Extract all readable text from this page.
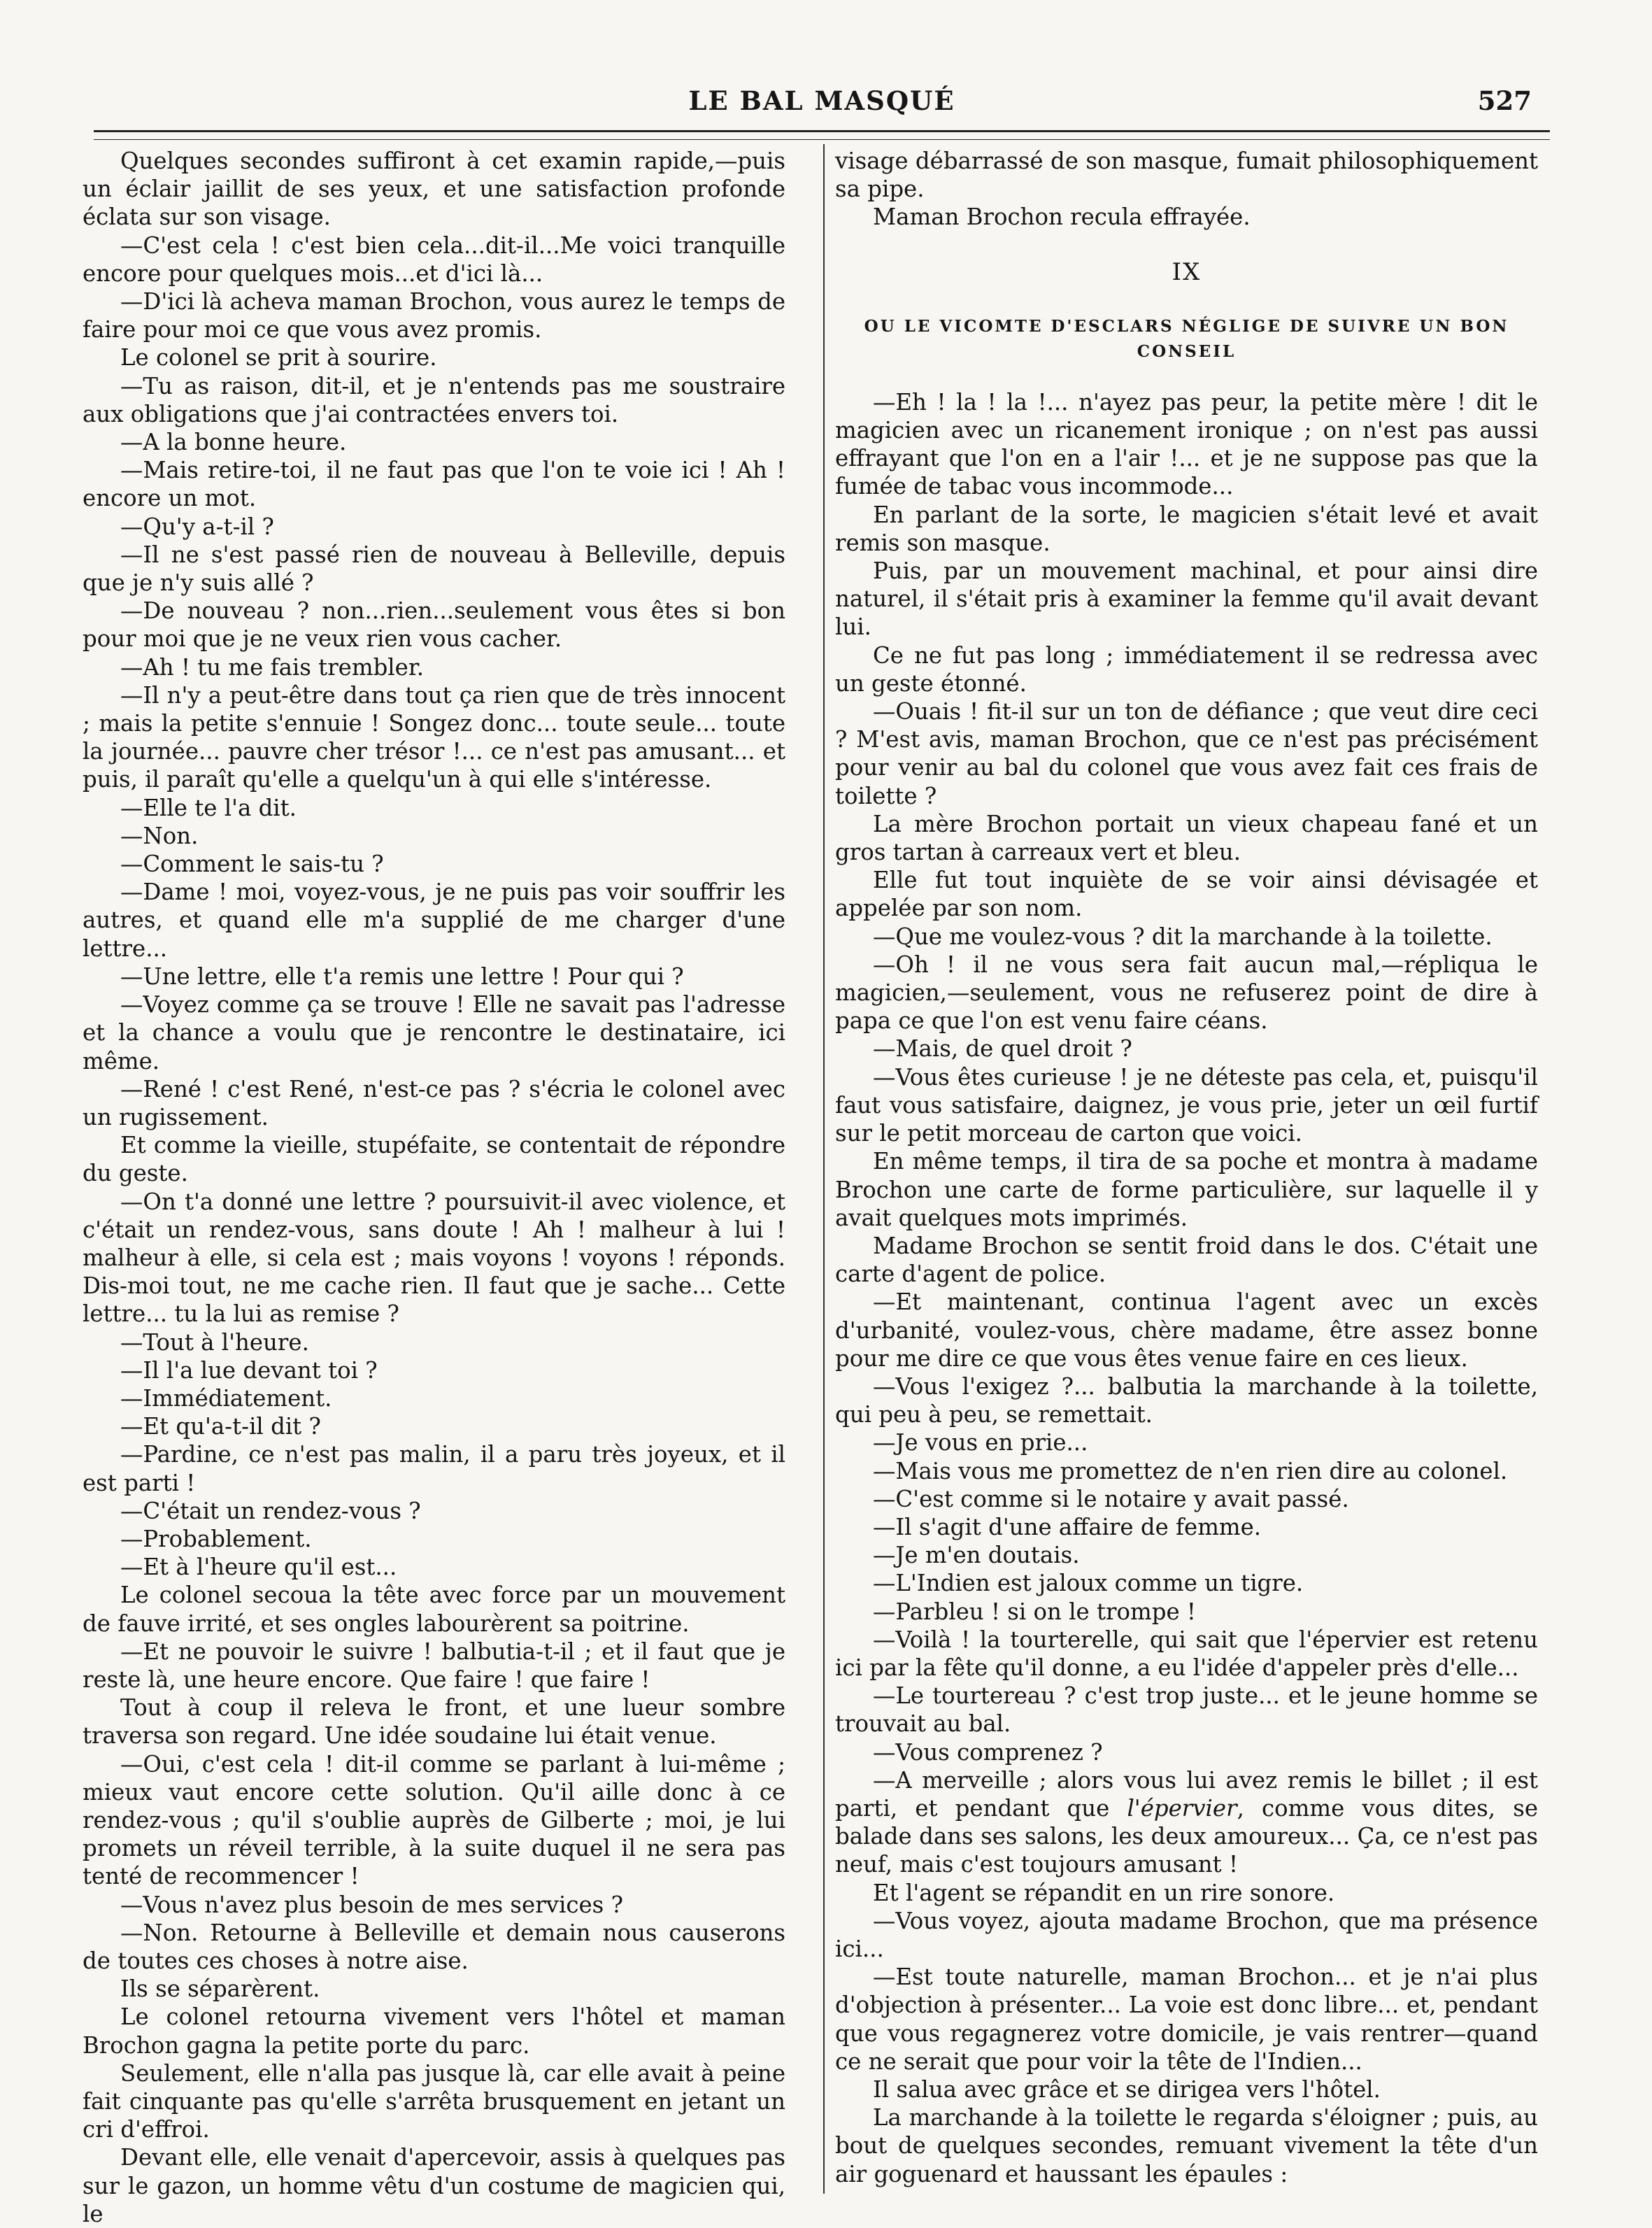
LE BAL MASQUÉ	527

Quelques secondes suffiront à cet examin rapide,—puis un éclair jaillit de ses yeux, et une satisfaction profonde éclata sur son visage.

—C'est cela ! c'est bien cela...dit-il...Me voici tranquille encore pour quelques mois...et d'ici là...

—D'ici là acheva maman Brochon, vous aurez le temps de faire pour moi ce que vous avez promis.

Le colonel se prit à sourire.

—Tu as raison, dit-il, et je n'entends pas me soustraire aux obligations que j'ai contractées envers toi.

—A la bonne heure.

—Mais retire-toi, il ne faut pas que l'on te voie ici ! Ah ! encore un mot.

—Qu'y a-t-il ?

—Il ne s'est passé rien de nouveau à Belleville, depuis que je n'y suis allé ?

—De nouveau ? non...rien...seulement vous êtes si bon pour moi que je ne veux rien vous cacher.

—Ah ! tu me fais trembler.

—Il n'y a peut-être dans tout ça rien que de très innocent ; mais la petite s'ennuie ! Songez donc... toute seule... toute la journée... pauvre cher trésor !... ce n'est pas amusant... et puis, il paraît qu'elle a quelqu'un à qui elle s'intéresse.

—Elle te l'a dit.

—Non.

—Comment le sais-tu ?

—Dame ! moi, voyez-vous, je ne puis pas voir souffrir les autres, et quand elle m'a supplié de me charger d'une lettre...

—Une lettre, elle t'a remis une lettre ! Pour qui ?

—Voyez comme ça se trouve ! Elle ne savait pas l'adresse et la chance a voulu que je rencontre le destinataire, ici même.

—René ! c'est René, n'est-ce pas ? s'écria le colonel avec un rugissement.

Et comme la vieille, stupéfaite, se contentait de répondre du geste.

—On t'a donné une lettre ? poursuivit-il avec violence, et c'était un rendez-vous, sans doute ! Ah ! malheur à lui ! malheur à elle, si cela est ; mais voyons ! voyons ! réponds. Dis-moi tout, ne me cache rien. Il faut que je sache... Cette lettre... tu la lui as remise ?

—Tout à l'heure.

—Il l'a lue devant toi ?

—Immédiatement.

—Et qu'a-t-il dit ?

—Pardine, ce n'est pas malin, il a paru très joyeux, et il est parti !

—C'était un rendez-vous ?

—Probablement.

—Et à l'heure qu'il est...

Le colonel secoua la tête avec force par un mouvement de fauve irrité, et ses ongles labourèrent sa poitrine.

—Et ne pouvoir le suivre ! balbutia-t-il ; et il faut que je reste là, une heure encore. Que faire ! que faire !

Tout à coup il releva le front, et une lueur sombre traversa son regard. Une idée soudaine lui était venue.

—Oui, c'est cela ! dit-il comme se parlant à lui-même ; mieux vaut encore cette solution. Qu'il aille donc à ce rendez-vous ; qu'il s'oublie auprès de Gilberte ; moi, je lui promets un réveil terrible, à la suite duquel il ne sera pas tenté de recommencer !

—Vous n'avez plus besoin de mes services ?

—Non. Retourne à Belleville et demain nous causerons de toutes ces choses à notre aise.

Ils se séparèrent.

Le colonel retourna vivement vers l'hôtel et maman Brochon gagna la petite porte du parc.

Seulement, elle n'alla pas jusque là, car elle avait à peine fait cinquante pas qu'elle s'arrêta brusquement en jetant un cri d'effroi.

Devant elle, elle venait d'apercevoir, assis à quelques pas sur le gazon, un homme vêtu d'un costume de magicien qui, le

visage débarrassé de son masque, fumait philosophiquement sa pipe.

Maman Brochon recula effrayée.

IX
OU LE VICOMTE D'ESCLARS NÉGLIGE DE SUIVRE UN BON CONSEIL

—Eh ! la ! la !... n'ayez pas peur, la petite mère ! dit le magicien avec un ricanement ironique ; on n'est pas aussi effrayant que l'on en a l'air !... et je ne suppose pas que la fumée de tabac vous incommode...

En parlant de la sorte, le magicien s'était levé et avait remis son masque.

Puis, par un mouvement machinal, et pour ainsi dire naturel, il s'était pris à examiner la femme qu'il avait devant lui.

Ce ne fut pas long ; immédiatement il se redressa avec un geste étonné.

—Ouais ! fit-il sur un ton de défiance ; que veut dire ceci ? M'est avis, maman Brochon, que ce n'est pas précisément pour venir au bal du colonel que vous avez fait ces frais de toilette ?

La mère Brochon portait un vieux chapeau fané et un gros tartan à carreaux vert et bleu.

Elle fut tout inquiète de se voir ainsi dévisagée et appelée par son nom.

—Que me voulez-vous ? dit la marchande à la toilette.

—Oh ! il ne vous sera fait aucun mal,—répliqua le magicien,—seulement, vous ne refuserez point de dire à papa ce que l'on est venu faire céans.

—Mais, de quel droit ?

—Vous êtes curieuse ! je ne déteste pas cela, et, puisqu'il faut vous satisfaire, daignez, je vous prie, jeter un œil furtif sur le petit morceau de carton que voici.

En même temps, il tira de sa poche et montra à madame Brochon une carte de forme particulière, sur laquelle il y avait quelques mots imprimés.

Madame Brochon se sentit froid dans le dos. C'était une carte d'agent de police.

—Et maintenant, continua l'agent avec un excès d'urbanité, voulez-vous, chère madame, être assez bonne pour me dire ce que vous êtes venue faire en ces lieux.

—Vous l'exigez ?... balbutia la marchande à la toilette, qui peu à peu, se remettait.

—Je vous en prie...

—Mais vous me promettez de n'en rien dire au colonel.

—C'est comme si le notaire y avait passé.

—Il s'agit d'une affaire de femme.

—Je m'en doutais.

—L'Indien est jaloux comme un tigre.

—Parbleu ! si on le trompe !

—Voilà ! la tourterelle, qui sait que l'épervier est retenu ici par la fête qu'il donne, a eu l'idée d'appeler près d'elle...

—Le tourtereau ? c'est trop juste... et le jeune homme se trouvait au bal.

—Vous comprenez ?

—A merveille ; alors vous lui avez remis le billet ; il est parti, et pendant que l'épervier, comme vous dites, se balade dans ses salons, les deux amoureux... Ça, ce n'est pas neuf, mais c'est toujours amusant !

Et l'agent se répandit en un rire sonore.

—Vous voyez, ajouta madame Brochon, que ma présence ici...

—Est toute naturelle, maman Brochon... et je n'ai plus d'objection à présenter... La voie est donc libre... et, pendant que vous regagnerez votre domicile, je vais rentrer—quand ce ne serait que pour voir la tête de l'Indien...

Il salua avec grâce et se dirigea vers l'hôtel.

La marchande à la toilette le regarda s'éloigner ; puis, au bout de quelques secondes, remuant vivement la tête d'un air goguenard et haussant les épaules :
